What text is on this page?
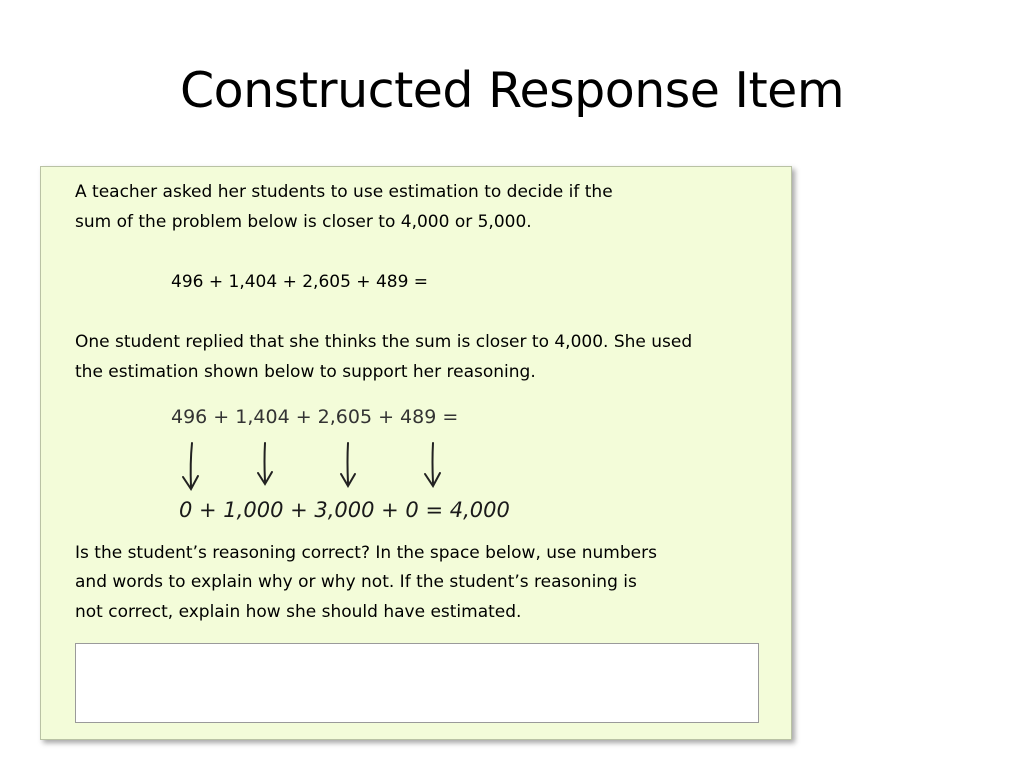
Constructed Response Item
A teacher asked her students to use estimation to decide if the
sum of the problem below is closer to 4,000 or 5,000.
496 + 1,404 + 2,605 + 489 =
One student replied that she thinks the sum is closer to 4,000. She used
the estimation shown below to support her reasoning.
496 + 1,404 + 2,605 + 489 =
0 + 1,000 + 3,000 + 0 = 4,000
Is the student’s reasoning correct? In the space below, use numbers
and words to explain why or why not. If the student’s reasoning is
not correct, explain how she should have estimated.
